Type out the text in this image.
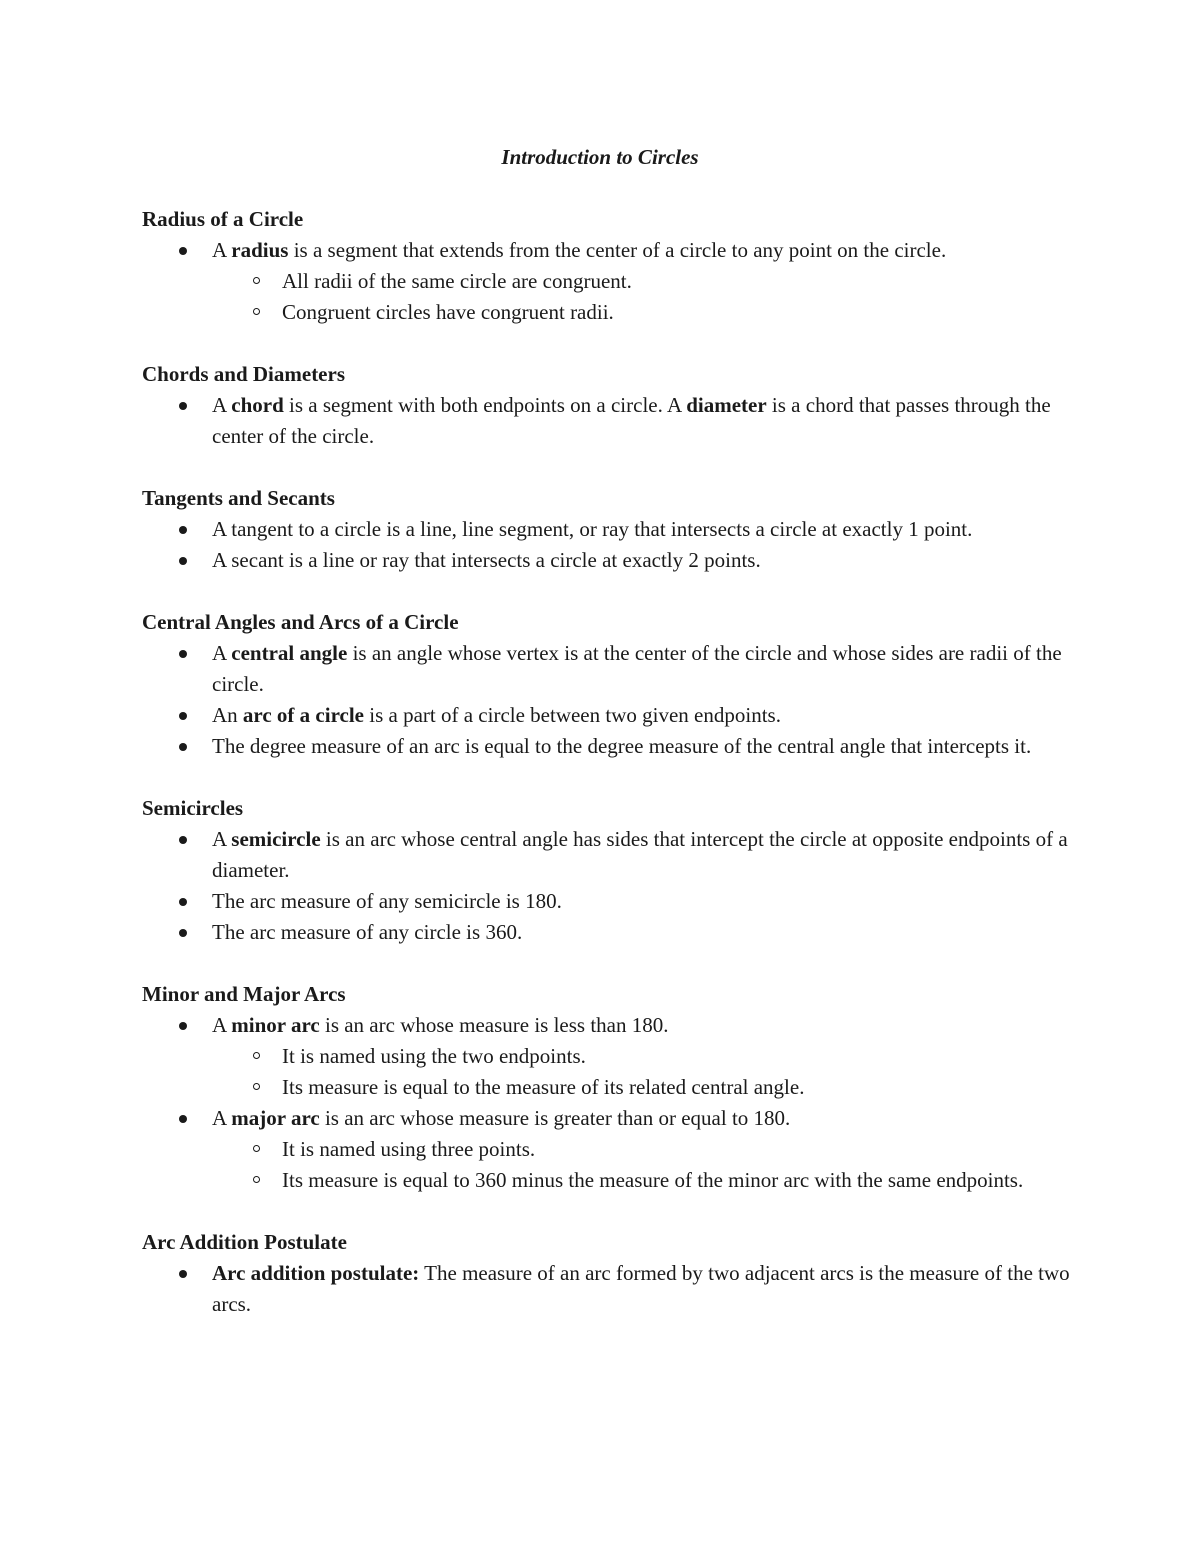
Introduction to Circles
Radius of a Circle
A radius is a segment that extends from the center of a circle to any point on the circle.
All radii of the same circle are congruent.
Congruent circles have congruent radii.
Chords and Diameters
A chord is a segment with both endpoints on a circle. A diameter is a chord that passes through the center of the circle.
Tangents and Secants
A tangent to a circle is a line, line segment, or ray that intersects a circle at exactly 1 point.
A secant is a line or ray that intersects a circle at exactly 2 points.
Central Angles and Arcs of a Circle
A central angle is an angle whose vertex is at the center of the circle and whose sides are radii of the circle.
An arc of a circle is a part of a circle between two given endpoints.
The degree measure of an arc is equal to the degree measure of the central angle that intercepts it.
Semicircles
A semicircle is an arc whose central angle has sides that intercept the circle at opposite endpoints of a diameter.
The arc measure of any semicircle is 180.
The arc measure of any circle is 360.
Minor and Major Arcs
A minor arc is an arc whose measure is less than 180.
It is named using the two endpoints.
Its measure is equal to the measure of its related central angle.
A major arc is an arc whose measure is greater than or equal to 180.
It is named using three points.
Its measure is equal to 360 minus the measure of the minor arc with the same endpoints.
Arc Addition Postulate
Arc addition postulate: The measure of an arc formed by two adjacent arcs is the measure of the two arcs.
